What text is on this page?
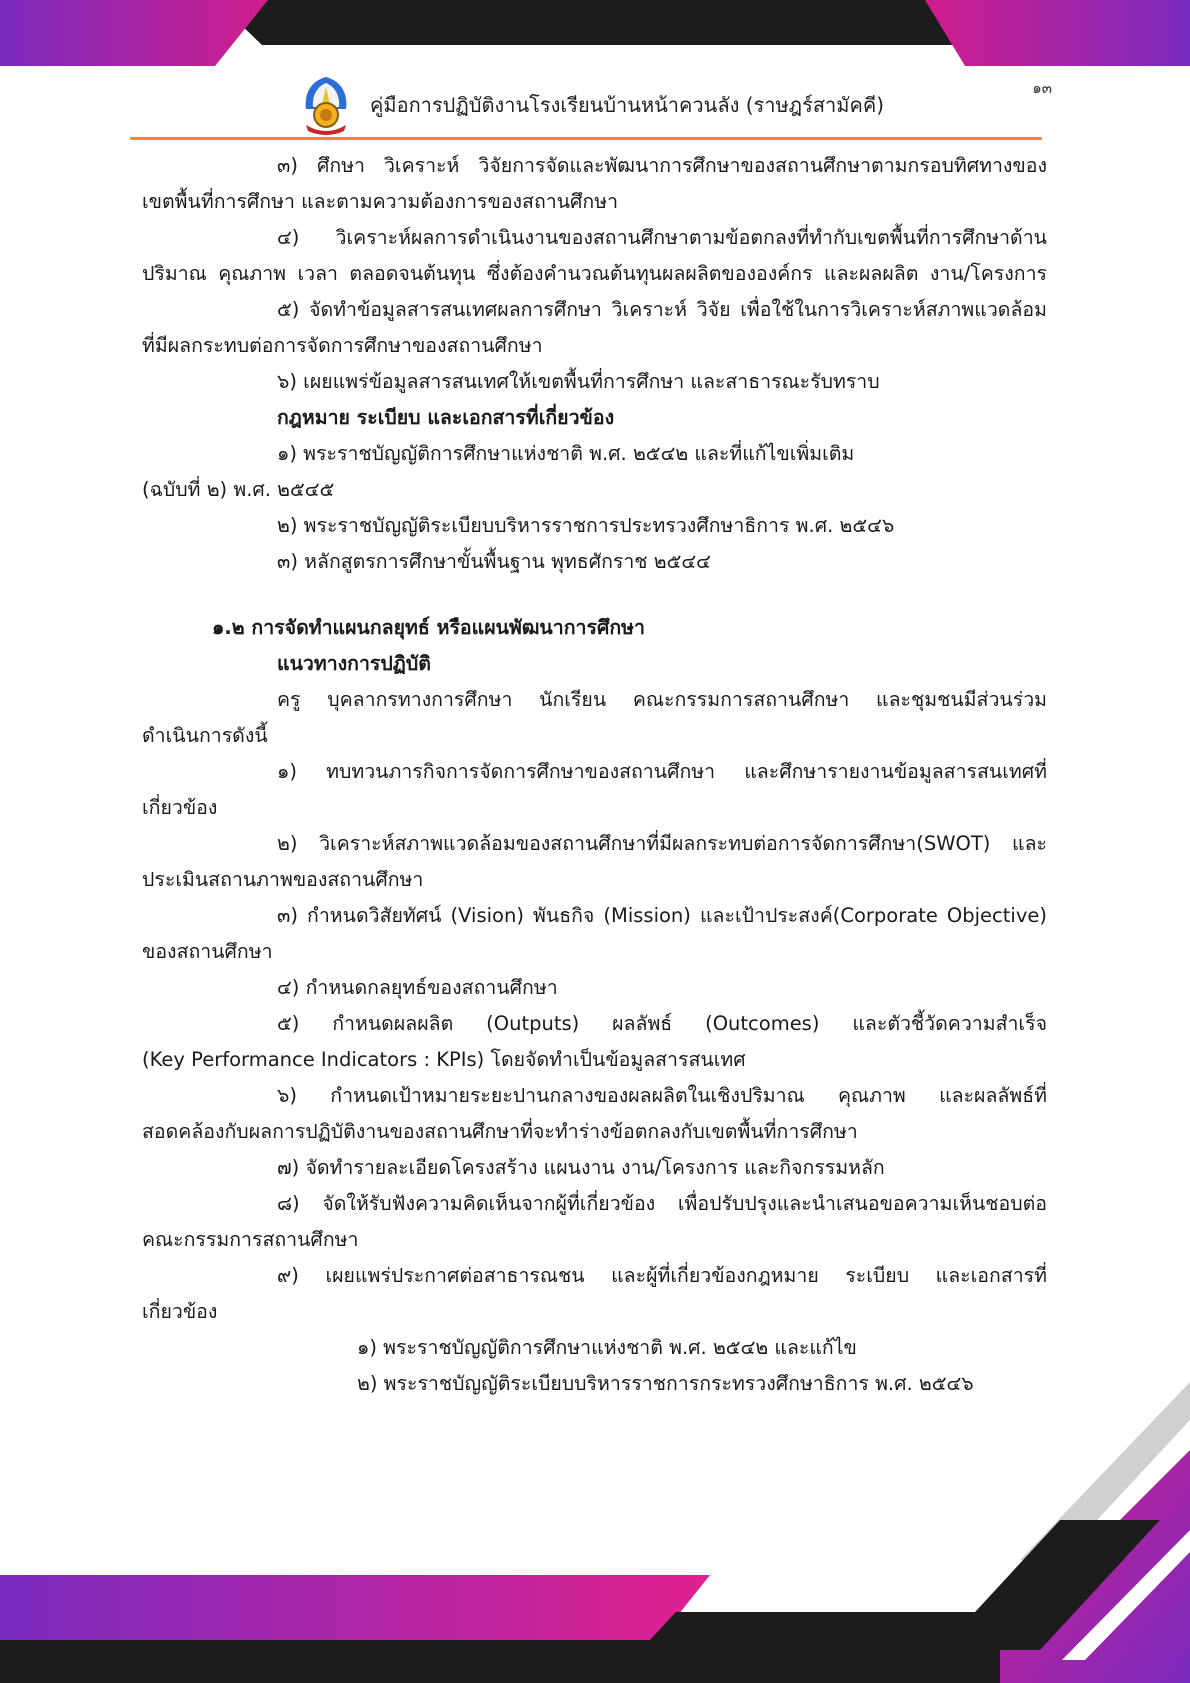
๑๓
คู่มือการปฏิบัติงานโรงเรียนบ้านหน้าควนลัง (ราษฎร์สามัคคี)
๓) ศึกษา วิเคราะห์ วิจัยการจัดและพัฒนาการศึกษาของสถานศึกษาตามกรอบทิศทางของ
เขตพื้นที่การศึกษา และตามความต้องการของสถานศึกษา
๔) วิเคราะห์ผลการดำเนินงานของสถานศึกษาตามข้อตกลงที่ทำกับเขตพื้นที่การศึกษาด้าน
ปริมาณ คุณภาพ เวลา ตลอดจนต้นทุน ซึ่งต้องคำนวณต้นทุนผลผลิตขององค์กร และผลผลิต งาน/โครงการ
๕) จัดทำข้อมูลสารสนเทศผลการศึกษา วิเคราะห์ วิจัย เพื่อใช้ในการวิเคราะห์สภาพแวดล้อม
ที่มีผลกระทบต่อการจัดการศึกษาของสถานศึกษา
๖) เผยแพร่ข้อมูลสารสนเทศให้เขตพื้นที่การศึกษา และสาธารณะรับทราบ
กฎหมาย ระเบียบ และเอกสารที่เกี่ยวข้อง
๑) พระราชบัญญัติการศึกษาแห่งชาติ พ.ศ. ๒๕๔๒ และที่แก้ไขเพิ่มเติม
(ฉบับที่ ๒) พ.ศ. ๒๕๔๕
๒) พระราชบัญญัติระเบียบบริหารราชการประทรวงศึกษาธิการ พ.ศ. ๒๕๔๖
๓) หลักสูตรการศึกษาขั้นพื้นฐาน พุทธศักราช ๒๕๔๔
๑.๒ การจัดทำแผนกลยุทธ์ หรือแผนพัฒนาการศึกษา
แนวทางการปฏิบัติ
ครู บุคลากรทางการศึกษา นักเรียน คณะกรรมการสถานศึกษา และชุมชนมีส่วนร่วม
ดำเนินการดังนี้
๑) ทบทวนภารกิจการจัดการศึกษาของสถานศึกษา และศึกษารายงานข้อมูลสารสนเทศที่
เกี่ยวข้อง
๒) วิเคราะห์สภาพแวดล้อมของสถานศึกษาที่มีผลกระทบต่อการจัดการศึกษา(SWOT) และ
ประเมินสถานภาพของสถานศึกษา
๓) กำหนดวิสัยทัศน์ (Vision) พันธกิจ (Mission) และเป้าประสงค์(Corporate Objective)
ของสถานศึกษา
๔) กำหนดกลยุทธ์ของสถานศึกษา
๕) กำหนดผลผลิต (Outputs) ผลลัพธ์ (Outcomes) และตัวชี้วัดความสำเร็จ
(Key Performance Indicators : KPIs) โดยจัดทำเป็นข้อมูลสารสนเทศ
๖) กำหนดเป้าหมายระยะปานกลางของผลผลิตในเชิงปริมาณ คุณภาพ และผลลัพธ์ที่
สอดคล้องกับผลการปฏิบัติงานของสถานศึกษาที่จะทำร่างข้อตกลงกับเขตพื้นที่การศึกษา
๗) จัดทำรายละเอียดโครงสร้าง แผนงาน งาน/โครงการ และกิจกรรมหลัก
๘) จัดให้รับฟังความคิดเห็นจากผู้ที่เกี่ยวข้อง เพื่อปรับปรุงและนำเสนอขอความเห็นชอบต่อ
คณะกรรมการสถานศึกษา
๙) เผยแพร่ประกาศต่อสาธารณชน และผู้ที่เกี่ยวข้องกฎหมาย ระเบียบ และเอกสารที่
เกี่ยวข้อง
๑) พระราชบัญญัติการศึกษาแห่งชาติ พ.ศ. ๒๕๔๒ และแก้ไข
๒) พระราชบัญญัติระเบียบบริหารราชการกระทรวงศึกษาธิการ พ.ศ. ๒๕๔๖
